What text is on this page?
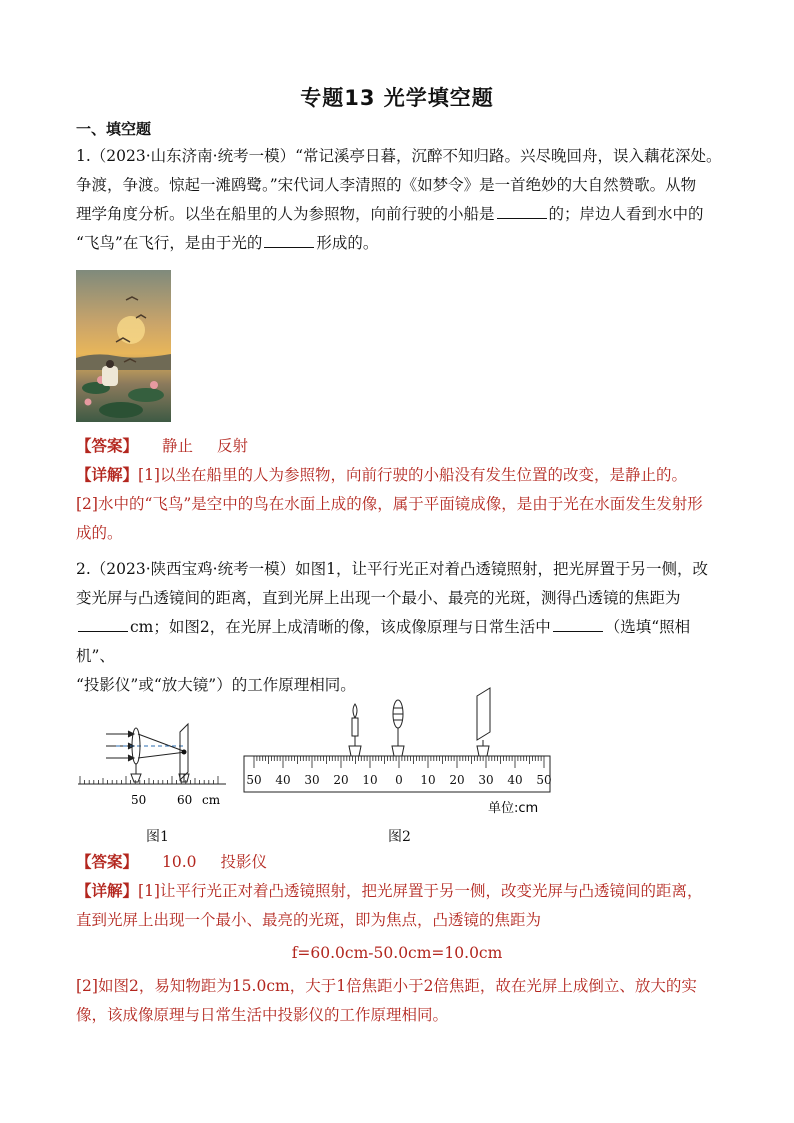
专题13 光学填空题
一、填空题
1.（2023·山东济南·统考一模）“常记溪亭日暮，沉醉不知归路。兴尽晚回舟，误入藕花深处。
争渡，争渡。惊起一滩鸥鹭。”宋代词人李清照的《如梦令》是一首绝妙的大自然赞歌。从物
理学角度分析。以坐在船里的人为参照物，向前行驶的小船是	的；岸边人看到水中的
“飞鸟”在飞行，是由于光的	形成的。
【答案】 静止 反射
【详解】[1]以坐在船里的人为参照物，向前行驶的小船没有发生位置的改变，是静止的。
[2]水中的“飞鸟”是空中的鸟在水面上成的像，属于平面镜成像，是由于光在水面发生发射形
成的。
2.（2023·陕西宝鸡·统考一模）如图1，让平行光正对着凸透镜照射，把光屏置于另一侧，改
变光屏与凸透镜间的距离，直到光屏上出现一个最小、最亮的光斑，测得凸透镜的焦距为
cm；如图2，在光屏上成清晰的像，该成像原理与日常生活中	（选填“照相机”、
“投影仪”或“放大镜”）的工作原理相同。
50	60 cm
图1
50 40 30 20 10 0 10 20 30 40 50
单位:cm
图2
【答案】 10.0 投影仪
【详解】[1]让平行光正对着凸透镜照射，把光屏置于另一侧，改变光屏与凸透镜间的距离，
直到光屏上出现一个最小、最亮的光斑，即为焦点，凸透镜的焦距为
f=60.0cm-50.0cm=10.0cm
[2]如图2，易知物距为15.0cm，大于1倍焦距小于2倍焦距，故在光屏上成倒立、放大的实
像，该成像原理与日常生活中投影仪的工作原理相同。
